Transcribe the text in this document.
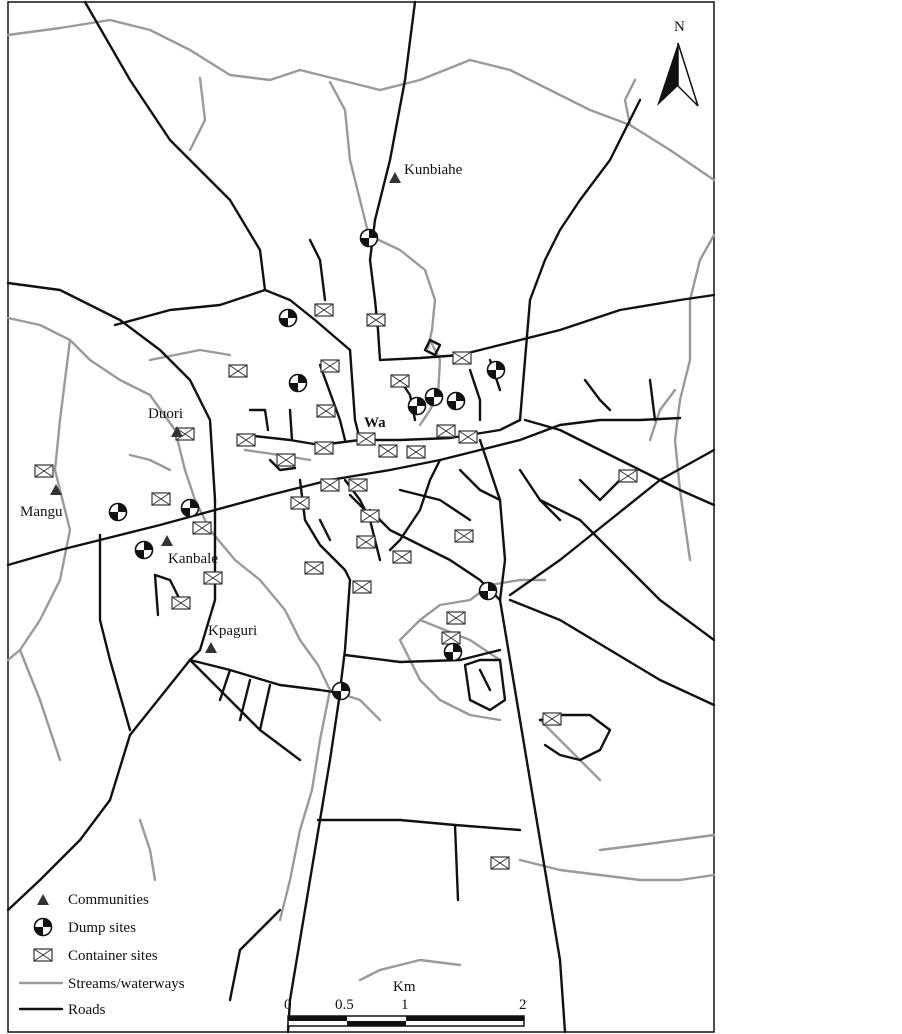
Kunbiahe
Duori
Mangu
Kanbale
Kpaguri
Wa
N
Communities
Dump sites
Container sites
Streams/waterways
Roads
Km
0	0.5	1	2
